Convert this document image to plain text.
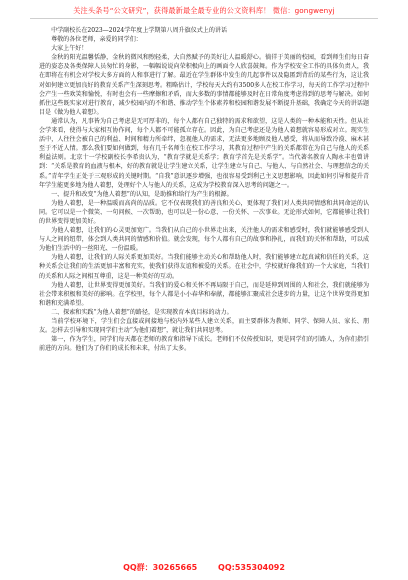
关注头条号“公文研究”，获得最新最全最专业的公文资料库！ 微信：gongwenyj

中学副校长在2023—2024学年度上学期第八周升旗仪式上的讲话

尊敬的各位老师，亲爱的同学们：

大家上午好！

金秋的阳光温馨恬静，金秋的微风和煦轻柔，大自然赋予的美好让人温暖舒心。徜徉于美丽的校园，看到师生们每日奋进的姿态及各类保障人员匆忙的身影，一幅幅说说向荣积极向上的画面令人欣喜鼓舞。作为学校安全工作的具体负责人，我在即将在有机会对学校大多方面的人和事进行了解。最近在学生群体中发生的几起事件以及隐匿到背后的某些行为，这让我对如何建立更加良好的教育关系产生深刻思考。粗略估计，学校每天大约有3500多人在校工作学习，每天的工作学习过程中会产生一些欢笑和愉悦，有时也会有一些摩擦和矛盾，而大多数的事情都能够及时在日常角度考虑得到的思考与解决。如何抓住这些既实家对进行教育，减少校园内的不和谐、推动学生个体素养和校园和谐发展不断提升基础，我确定今天的讲话题目是《做为他人着想》。

通常认为，凡事皆为自己考虑是无可厚非的，每个人都有自己独特的需求和欲望，这是人类的一种本能和天性。但从社会学来看，使得与大家相互协作间，每个人都不可能孤立存在。因此，为自己考虑还是为他人着想就容易形成对立。现实生活中，人往往会被自己的利益、时间和精力所牵绊，忽视他人的需求，无法更多地顾及他人感受，将从而导致冷漠、麻木甚至于不近人情。那么我们要如何做到，每有几千名师生在校工作学习，其教育过程中产生的关系都常在为自己与他人的关系利益法则。北京十一学校副校长李希贵认为，“教育学就是关系学；教育学首先是关系学”。当代著名教育人陶永丰也曾讲到：“关系是教育的血液与根本，好的教育就是让学生建立关系，让学生建立与自己、与他人、与自然社会、与理想信念的关系。”青年学生正处于三观形成的关键时期。“自我”意识逐步增强，也很容易受到利己主义思想影响，因此如何引导和提升青年学生能更多地为他人着想，处理好个人与他人的关系，这成为学校教育深入思考的问题之一。

一、提升和改变“为他人着想”的认知，是助推和给行为产生的根源。

为他人着想，是一种温暖而高尚的品质。它不仅表现我们的善良和关心，更体现了我们对人类共同情感和共同命运的认同。它可以是一个微笑、一句问候、一次帮助，也可以是一份心意、一份关怀、一次事业。无论形式如何，它都能够让我们的世界变得更加美好。

为他人着想，让我们的心灵更加宽广。当我们从自己的小世界走出来，关注他人的需求和感受时，我们就能够感受到人与人之间的纽带，体会到人类共同的情感和价值。就会发现，每个人都有自己的故事和挣扎，而我们的关怀和帮助，可以成为他们生活中的一丝阳光、一份温暖。

为他人着想，让我们的人际关系更加美好。当我们能够主动关心和帮助他人时，我们能够建立起真诚和信任的关系，这种关系会让我们的生活更加丰富和充实，使我们获得友谊和被爱的关系。在社会中，学校就好像我们的一个大家庭，当我们的关系和人际之间相互尊重，这是一种美好的互动。

为他人着想，让世界变得更加美好。当我们的爱心和关怀不再局限于自己，而是延伸到周围的人和社会，我们就能够为社会带来积极和美好的影响。在学校里，每个人都是小小春华和奉献，都能够汇聚成社会进步的力量，让这个世界变得更加和谐和充满希望。

二、探索和实践“为他人着想”的路径，是实现教育本真目标的动力。

当前学校环境下，学生们会直接或间接地与校内外某些人建立关系，而主要群体为教师、同学、保障人员、家长、朋友。怎样去引导和实现同学们主动“为他们着想”，就让我们共同思考。

第一，作为学生，同学们每天都在老师的教育和指导下成长。老师们不仅传授知识，更是同学们的引路人，为你们指引前进的方向。他们为了你们的成长和未来，付出了太多。

QQ群：30265665	QQ:535304092
